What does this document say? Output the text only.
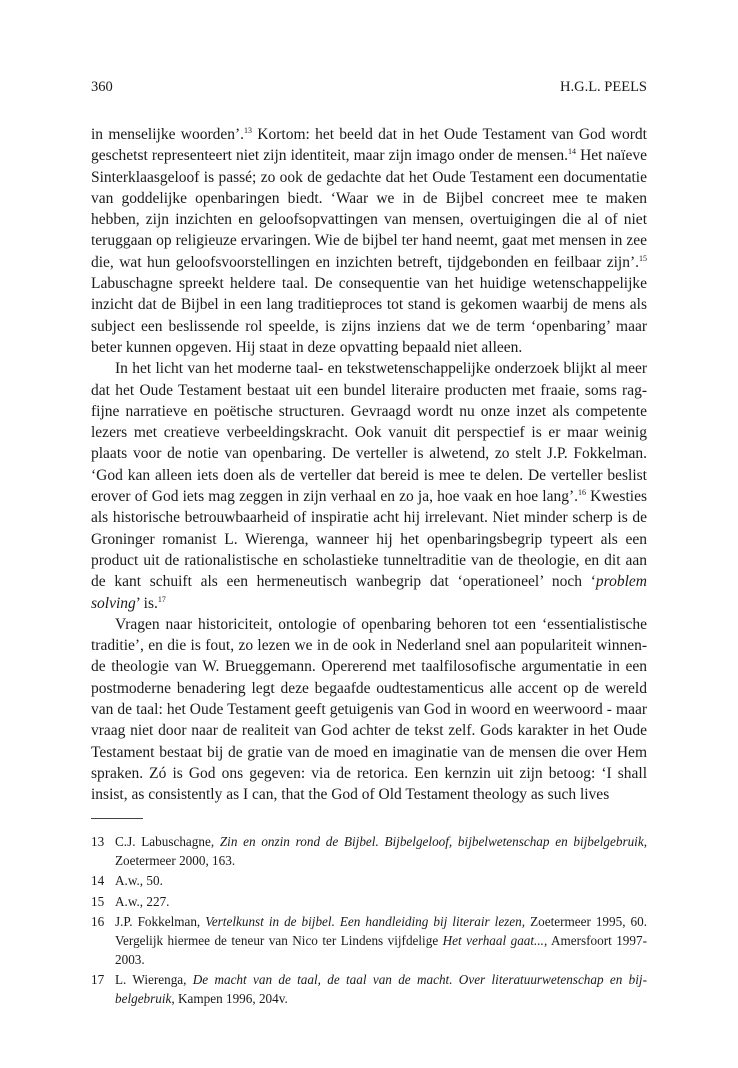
360	H.G.L. PEELS

in menselijke woorden’.$^{13}$ Kortom: het beeld dat in het Oude Testament van God wordt geschetst representeert niet zijn identiteit, maar zijn imago onder de mensen.$^{14}$ Het naïeve Sinterklaasgeloof is passé; zo ook de gedachte dat het Oude Testament een documentatie van goddelijke openbaringen biedt. ‘Waar we in de Bijbel concreet mee te maken hebben, zijn inzichten en geloofsopvattingen van mensen, overtuigingen die al of niet teruggaan op religieuze ervaringen. Wie de bijbel ter hand neemt, gaat met mensen in zee die, wat hun geloofsvoorstellingen en inzichten betreft, tijdgebonden en feilbaar zijn’.$^{15}$ Labuschagne spreekt heldere taal. De consequentie van het huidige wetenschappelijke inzicht dat de Bijbel in een lang traditieproces tot stand is gekomen waarbij de mens als subject een beslissende rol speelde, is zijns inziens dat we de term ‘openbaring’ maar beter kunnen opgeven. Hij staat in deze opvatting bepaald niet alleen.

In het licht van het moderne taal- en tekstwetenschappelijke onderzoek blijkt al meer dat het Oude Testament bestaat uit een bundel literaire producten met fraaie, soms ragfijne narratieve en poëtische structuren. Gevraagd wordt nu onze inzet als competente lezers met creatieve verbeeldingskracht. Ook vanuit dit perspectief is er maar weinig plaats voor de notie van openbaring. De verteller is alwetend, zo stelt J.P. Fokkelman. ‘God kan alleen iets doen als de verteller dat bereid is mee te delen. De verteller beslist erover of God iets mag zeggen in zijn verhaal en zo ja, hoe vaak en hoe lang’.$^{16}$ Kwesties als historische betrouwbaarheid of inspiratie acht hij irrelevant. Niet minder scherp is de Groninger romanist L. Wierenga, wanneer hij het openbaringsbegrip typeert als een product uit de rationalistische en scholastieke tunneltraditie van de theologie, en dit aan de kant schuift als een hermeneutisch wanbegrip dat ‘operationeel’ noch ‘problem solving’ is.$^{17}$

Vragen naar historiciteit, ontologie of openbaring behoren tot een ‘essentialistische traditie’, en die is fout, zo lezen we in de ook in Nederland snel aan populariteit winnende theologie van W. Brueggemann. Opererend met taalfilosofische argumentatie in een postmoderne benadering legt deze begaafde oudtestamenticus alle accent op de wereld van de taal: het Oude Testament geeft getuigenis van God in woord en weerwoord - maar vraag niet door naar de realiteit van God achter de tekst zelf. Gods karakter in het Oude Testament bestaat bij de gratie van de moed en imaginatie van de mensen die over Hem spraken. Zó is God ons gegeven: via de retorica. Een kernzin uit zijn betoog: ‘I shall insist, as consistently as I can, that the God of Old Testament theology as such lives

13 C.J. Labuschagne, Zin en onzin rond de Bijbel. Bijbelgeloof, bijbelwetenschap en bijbelgebruik, Zoetermeer 2000, 163.
14 A.w., 50.
15 A.w., 227.
16 J.P. Fokkelman, Vertelkunst in de bijbel. Een handleiding bij literair lezen, Zoetermeer 1995, 60. Vergelijk hiermee de teneur van Nico ter Lindens vijfdelige Het verhaal gaat..., Amersfoort 1997-2003.
17 L. Wierenga, De macht van de taal, de taal van de macht. Over literatuurwetenschap en bijbelgebruik, Kampen 1996, 204v.
